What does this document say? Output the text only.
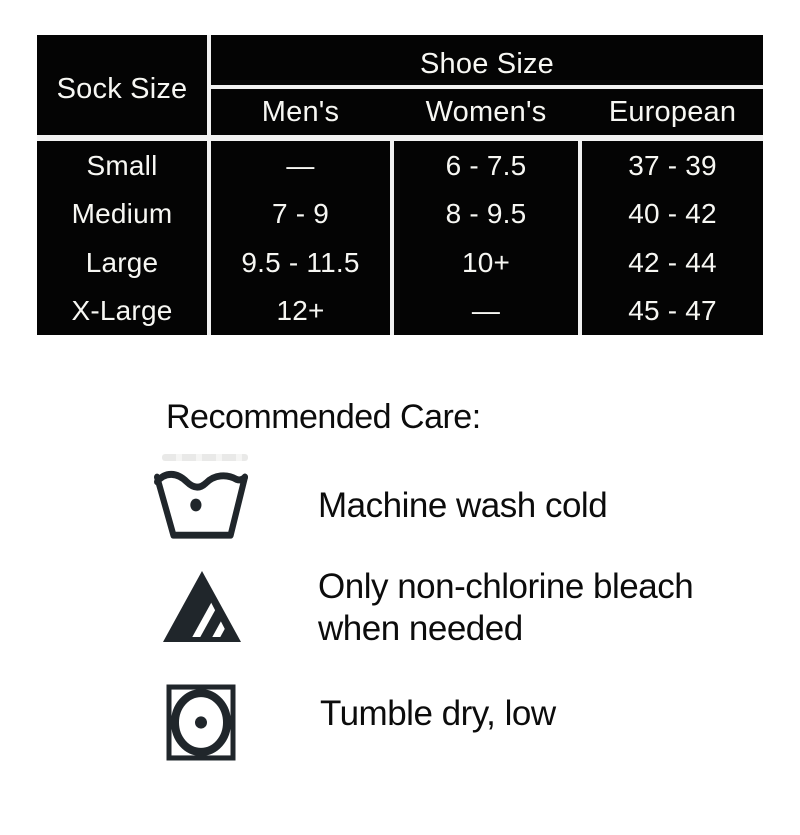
Sock Size
Shoe Size
Men's	Women's	European
Small	—	6 - 7.5	37 - 39
Medium	7 - 9	8 - 9.5	40 - 42
Large	9.5 - 11.5	10+	42 - 44
X-Large	12+	—	45 - 47
Recommended Care:
Machine wash cold
Only non-chlorine bleach when needed
Tumble dry, low
